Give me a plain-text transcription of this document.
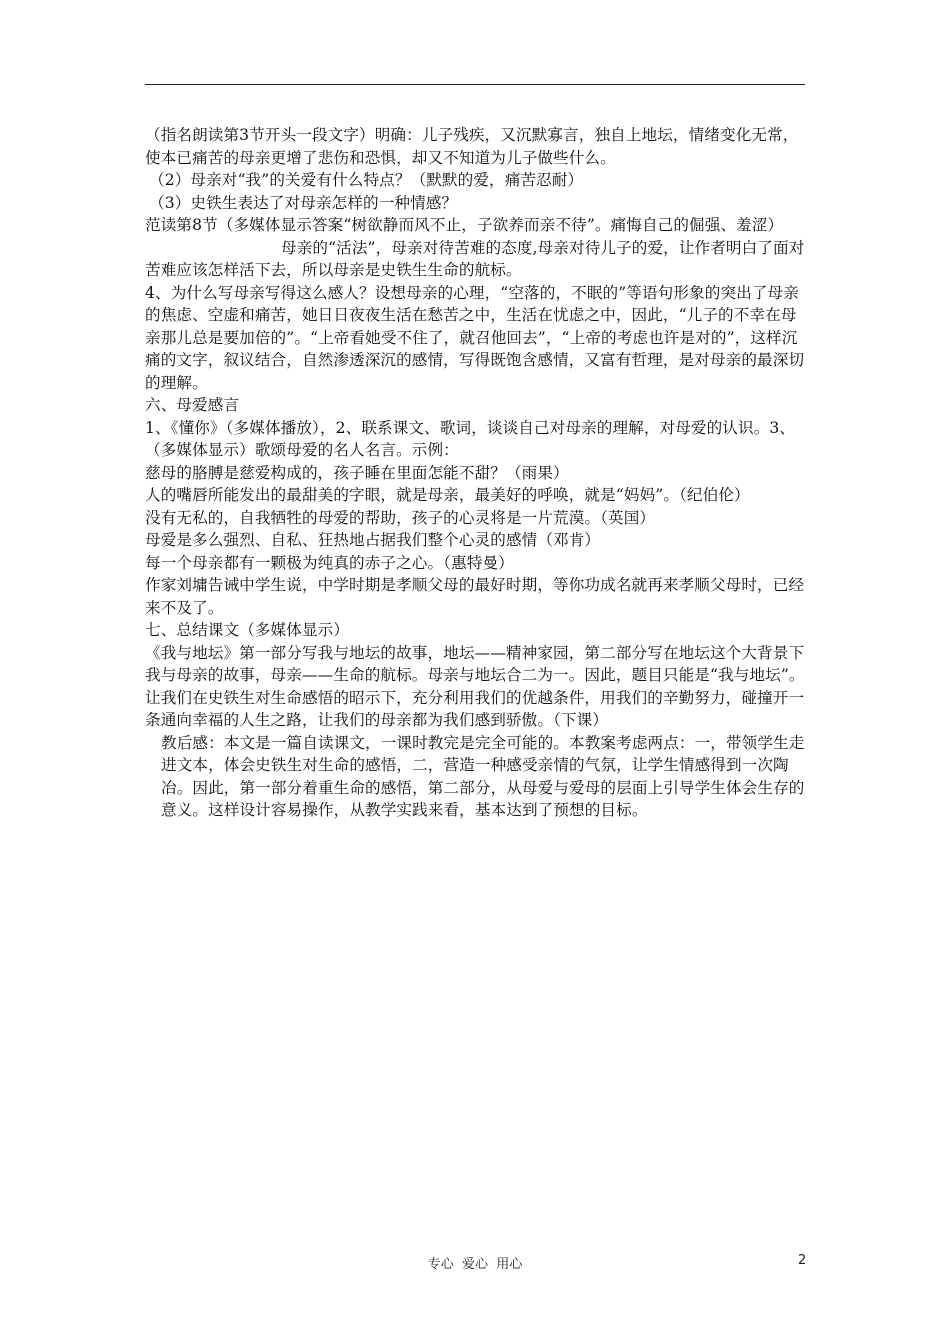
（指名朗读第3节开头一段文字）明确：儿子残疾，又沉默寡言，独自上地坛，情绪变化无常，使本已痛苦的母亲更增了悲伤和恐惧，却又不知道为儿子做些什么。

（2）母亲对“我”的关爱有什么特点？（默默的爱，痛苦忍耐）

（3）史铁生表达了对母亲怎样的一种情感？

范读第8节（多媒体显示答案“树欲静而风不止，子欲养而亲不待”。痛悔自己的倔强、羞涩）

母亲的“活法”，母亲对待苦难的态度,母亲对待儿子的爱，让作者明白了面对苦难应该怎样活下去，所以母亲是史铁生生命的航标。

4、为什么写母亲写得这么感人？设想母亲的心理，“空落的，不眠的”等语句形象的突出了母亲的焦虑、空虚和痛苦，她日日夜夜生活在愁苦之中，生活在忧虑之中，因此，“儿子的不幸在母亲那儿总是要加倍的”。“上帝看她受不住了，就召他回去”，“上帝的考虑也许是对的”，这样沉痛的文字，叙议结合，自然渗透深沉的感情，写得既饱含感情，又富有哲理，是对母亲的最深切的理解。

六、母爱感言

1、《懂你》（多媒体播放），2、联系课文、歌词，谈谈自己对母亲的理解，对母爱的认识。3、（多媒体显示）歌颂母爱的名人名言。示例：

慈母的胳膊是慈爱构成的，孩子睡在里面怎能不甜？（雨果）

人的嘴唇所能发出的最甜美的字眼，就是母亲，最美好的呼唤，就是“妈妈”。（纪伯伦）

没有无私的，自我牺牲的母爱的帮助，孩子的心灵将是一片荒漠。（英国）

母爱是多么强烈、自私、狂热地占据我们整个心灵的感情（邓肯）

每一个母亲都有一颗极为纯真的赤子之心。（惠特曼）

作家刘墉告诫中学生说，中学时期是孝顺父母的最好时期，等你功成名就再来孝顺父母时，已经来不及了。

七、总结课文（多媒体显示）

《我与地坛》第一部分写我与地坛的故事，地坛——精神家园，第二部分写在地坛这个大背景下我与母亲的故事，母亲——生命的航标。母亲与地坛合二为一。因此，题目只能是“我与地坛”。

让我们在史铁生对生命感悟的昭示下，充分利用我们的优越条件，用我们的辛勤努力，碰撞开一条通向幸福的人生之路，让我们的母亲都为我们感到骄傲。（下课）

教后感：本文是一篇自读课文，一课时教完是完全可能的。本教案考虑两点：一，带领学生走进文本，体会史铁生对生命的感悟，二，营造一种感受亲情的气氛，让学生情感得到一次陶冶。因此，第一部分着重生命的感悟，第二部分，从母爱与爱母的层面上引导学生体会生存的意义。这样设计容易操作，从教学实践来看，基本达到了预想的目标。

专心  爱心  用心	2
